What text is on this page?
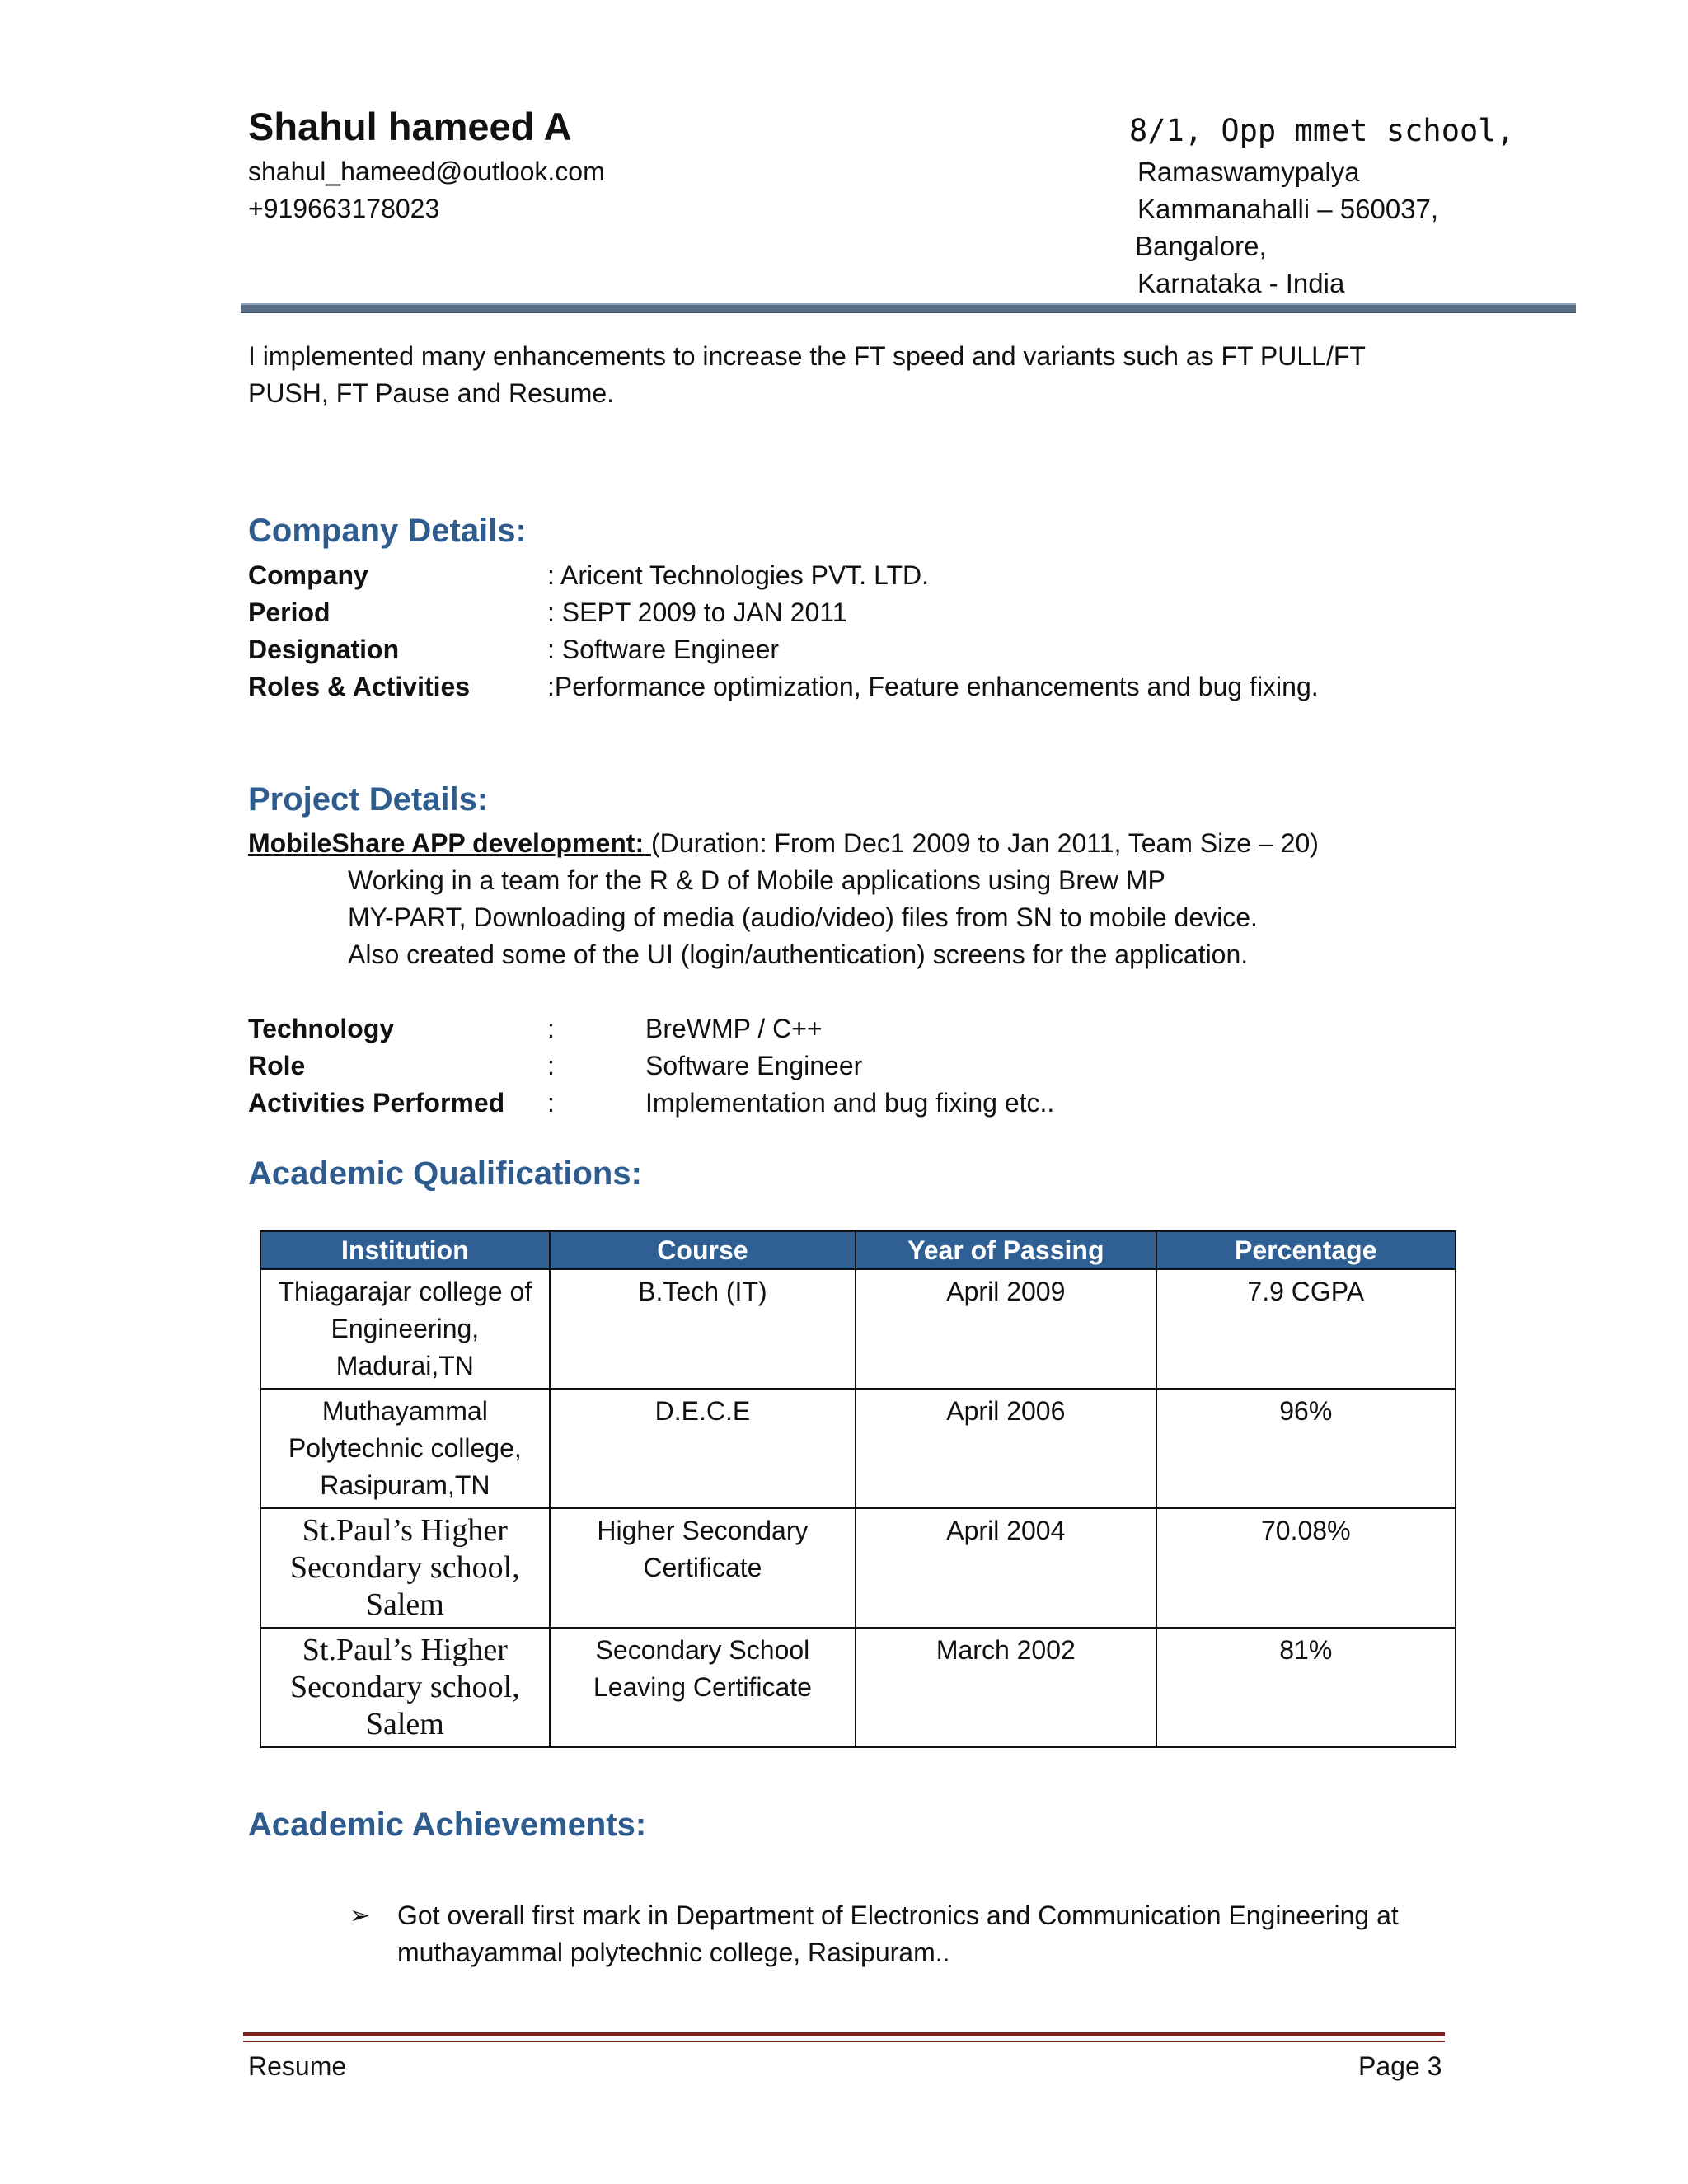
Shahul hameed A
shahul_hameed@outlook.com
+919663178023
8/1, Opp mmet school,
Ramaswamypalya
Kammanahalli – 560037,
Bangalore,
Karnataka - India
I implemented many enhancements to increase the FT speed and variants such as FT PULL/FT PUSH, FT Pause and Resume.
Company Details:
Company	: Aricent Technologies PVT. LTD.
Period	: SEPT 2009 to JAN 2011
Designation	: Software Engineer
Roles & Activities	:Performance optimization, Feature enhancements and bug fixing.
Project Details:
MobileShare APP development: (Duration: From Dec1 2009 to Jan 2011, Team Size – 20)
Working in a team for the R & D of Mobile applications using Brew MP
MY-PART, Downloading of media (audio/video) files from SN to mobile device.
Also created some of the UI (login/authentication) screens for the application.
Technology	:	BreWMP / C++
Role	:	Software Engineer
Activities Performed :	Implementation and bug fixing etc..
Academic Qualifications:
Institution	Course	Year of Passing	Percentage
Thiagarajar college of Engineering, Madurai,TN	B.Tech (IT)	April 2009	7.9 CGPA
Muthayammal Polytechnic college, Rasipuram,TN	D.E.C.E	April 2006	96%
St.Paul’s Higher Secondary school, Salem	Higher Secondary Certificate	April 2004	70.08%
St.Paul’s Higher Secondary school, Salem	Secondary School Leaving Certificate	March 2002	81%
Academic Achievements:
➢ Got overall first mark in Department of Electronics and Communication Engineering at muthayammal polytechnic college, Rasipuram..
Resume	Page 3
